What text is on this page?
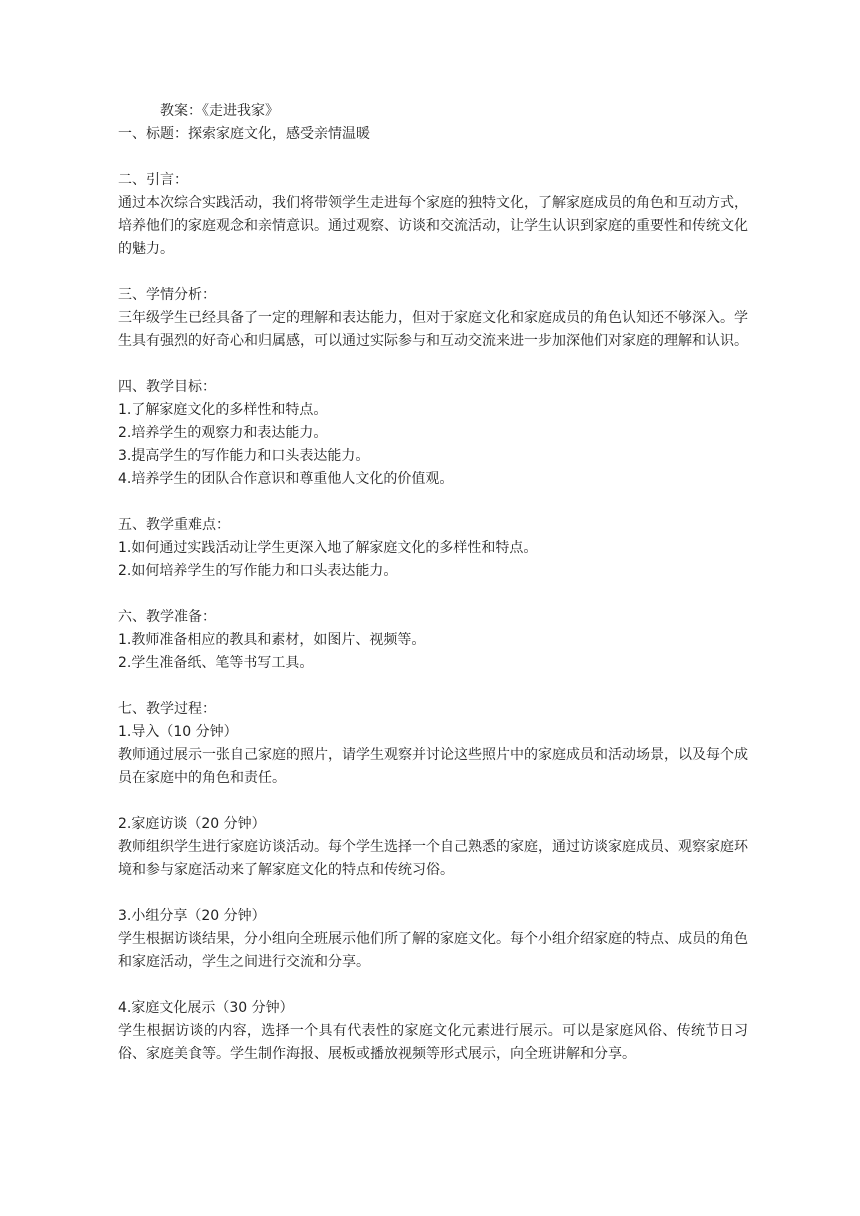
教案：《走进我家》

一、标题：探索家庭文化，感受亲情温暖

二、引言：

通过本次综合实践活动，我们将带领学生走进每个家庭的独特文化，了解家庭成员的角色和互动方式，培养他们的家庭观念和亲情意识。通过观察、访谈和交流活动，让学生认识到家庭的重要性和传统文化的魅力。

三、学情分析：

三年级学生已经具备了一定的理解和表达能力，但对于家庭文化和家庭成员的角色认知还不够深入。学生具有强烈的好奇心和归属感，可以通过实际参与和互动交流来进一步加深他们对家庭的理解和认识。

四、教学目标：

1.了解家庭文化的多样性和特点。

2.培养学生的观察力和表达能力。

3.提高学生的写作能力和口头表达能力。

4.培养学生的团队合作意识和尊重他人文化的价值观。

五、教学重难点：

1.如何通过实践活动让学生更深入地了解家庭文化的多样性和特点。

2.如何培养学生的写作能力和口头表达能力。

六、教学准备：

1.教师准备相应的教具和素材，如图片、视频等。

2.学生准备纸、笔等书写工具。

七、教学过程：

1.导入（10 分钟）

教师通过展示一张自己家庭的照片，请学生观察并讨论这些照片中的家庭成员和活动场景，以及每个成员在家庭中的角色和责任。

2.家庭访谈（20 分钟）

教师组织学生进行家庭访谈活动。每个学生选择一个自己熟悉的家庭，通过访谈家庭成员、观察家庭环境和参与家庭活动来了解家庭文化的特点和传统习俗。

3.小组分享（20 分钟）

学生根据访谈结果，分小组向全班展示他们所了解的家庭文化。每个小组介绍家庭的特点、成员的角色和家庭活动，学生之间进行交流和分享。

4.家庭文化展示（30 分钟）

学生根据访谈的内容，选择一个具有代表性的家庭文化元素进行展示。可以是家庭风俗、传统节日习俗、家庭美食等。学生制作海报、展板或播放视频等形式展示，向全班讲解和分享。
